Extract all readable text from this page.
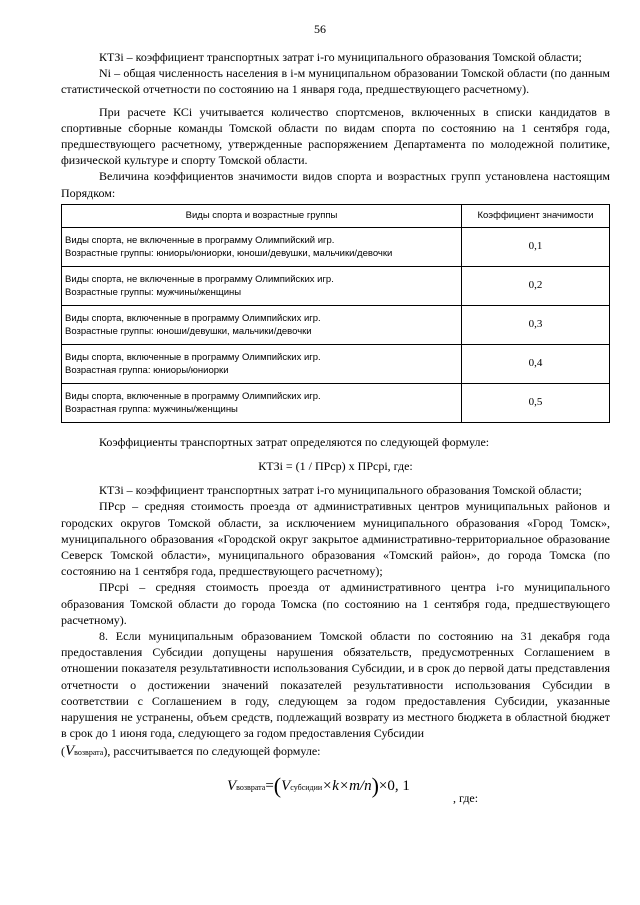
56

КТЗi – коэффициент транспортных затрат i-го муниципального образования Томской области;

Ni – общая численность населения в i-м муниципальном образовании Томской области (по данным статистической отчетности по состоянию на 1 января года, предшествующего расчетному).

При расчете КСi учитывается количество спортсменов, включенных в списки кандидатов в спортивные сборные команды Томской области по видам спорта по состоянию на 1 сентября года, предшествующего расчетному, утвержденные распоряжением Департамента по молодежной политике, физической культуре и спорту Томской области.

Величина коэффициентов значимости видов спорта и возрастных групп установлена настоящим Порядком:

Виды спорта и возрастные группы	Коэффициент значимости
Виды спорта, не включенные в программу Олимпийский игр.
Возрастные группы: юниоры/юниорки, юноши/девушки, мальчики/девочки	0,1
Виды спорта, не включенные в программу Олимпийских игр.
Возрастные группы: мужчины/женщины	0,2
Виды спорта, включенные в программу Олимпийских игр.
Возрастные группы: юноши/девушки, мальчики/девочки	0,3
Виды спорта, включенные в программу Олимпийских игр.
Возрастная группа: юниоры/юниорки	0,4
Виды спорта, включенные в программу Олимпийских игр.
Возрастная группа: мужчины/женщины	0,5

Коэффициенты транспортных затрат определяются по следующей формуле:

КТЗi = (1 / ПРср) х ПРсрi, где:

КТЗi – коэффициент транспортных затрат i-го муниципального образования Томской области;

ПРср – средняя стоимость проезда от административных центров муниципальных районов и городских округов Томской области, за исключением муниципального образования «Город Томск», муниципального образования «Городской округ закрытое административно-территориальное образование Северск Томской области», муниципального образования «Томский район», до города Томска (по состоянию на 1 сентября года, предшествующего расчетному);

ПРсрi – средняя стоимость проезда от административного центра i-го муниципального образования Томской области до города Томска (по состоянию на 1 сентября года, предшествующего расчетному).

8. Если муниципальным образованием Томской области по состоянию на 31 декабря года предоставления Субсидии допущены нарушения обязательств, предусмотренных Соглашением в отношении показателя результативности использования Субсидии, и в срок до первой даты представления отчетности о достижении значений показателей результативности использования Субсидии в соответствии с Соглашением в году, следующем за годом предоставления Субсидии, указанные нарушения не устранены, объем средств, подлежащий возврату из местного бюджета в областной бюджет в срок до 1 июня года, следующего за годом предоставления Субсидии

(Vвозврата), рассчитывается по следующей формуле:

Vвозврата=(Vсубсидии×k×m/n)×0, 1
, где:
